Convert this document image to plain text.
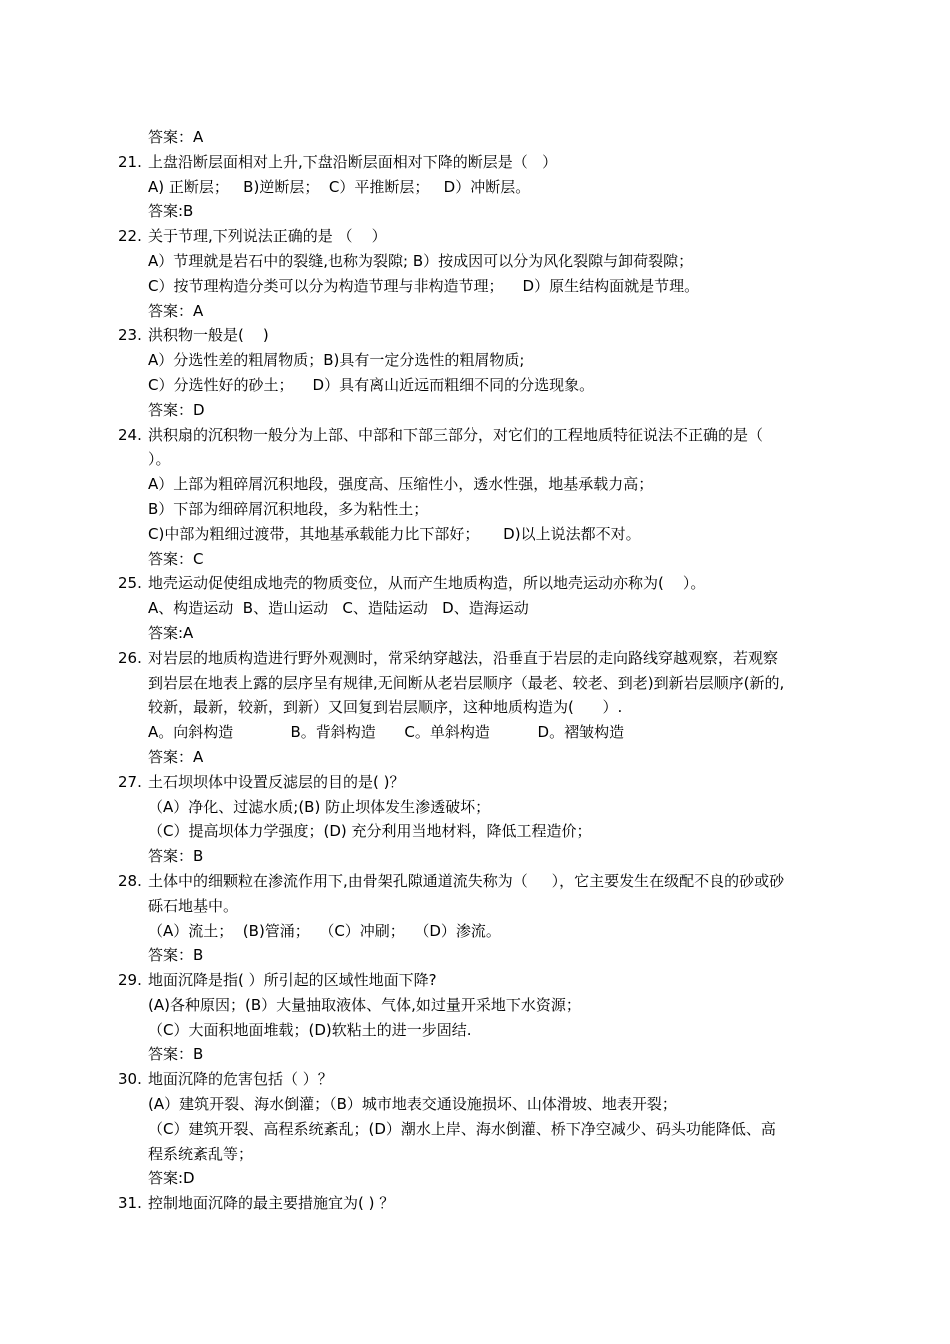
答案：A
21. 上盘沿断层面相对上升,下盘沿断层面相对下降的断层是（   ）
A) 正断层；   B)逆断层；  C）平推断层；   D）冲断层。
答案:B
22. 关于节理,下列说法正确的是 （    ）
A）节理就是岩石中的裂缝,也称为裂隙; B）按成因可以分为风化裂隙与卸荷裂隙；
C）按节理构造分类可以分为构造节理与非构造节理；    D）原生结构面就是节理。
答案：A
23. 洪积物一般是(    )
A）分选性差的粗屑物质；B)具有一定分选性的粗屑物质;
C）分选性好的砂土；    D）具有离山近远而粗细不同的分选现象。
答案：D
24. 洪积扇的沉积物一般分为上部、中部和下部三部分，对它们的工程地质特征说法不正确的是（
）。
A）上部为粗碎屑沉积地段，强度高、压缩性小，透水性强，地基承载力高；
B）下部为细碎屑沉积地段，多为粘性土；
C)中部为粗细过渡带，其地基承载能力比下部好；     D)以上说法都不对。
答案：C
25. 地壳运动促使组成地壳的物质变位，从而产生地质构造，所以地壳运动亦称为(    ）。
A、构造运动  B、造山运动   C、造陆运动   D、造海运动
答案:A
26. 对岩层的地质构造进行野外观测时，常采纳穿越法，沿垂直于岩层的走向路线穿越观察，若观察
到岩层在地表上露的层序呈有规律,无间断从老岩层顺序（最老、较老、到老)到新岩层顺序(新的,
较新，最新，较新，到新）又回复到岩层顺序，这种地质构造为(      ）.
A。向斜构造            B。背斜构造      C。单斜构造          D。褶皱构造
答案：A
27. 土石坝坝体中设置反滤层的目的是( )？
（A）净化、过滤水质;(B) 防止坝体发生渗透破坏；
（C）提高坝体力学强度；(D) 充分利用当地材料，降低工程造价；
答案：B
28. 土体中的细颗粒在渗流作用下,由骨架孔隙通道流失称为（     ），它主要发生在级配不良的砂或砂
砾石地基中。
（A）流土；  (B)管涌；  （C）冲刷；  （D）渗流。
答案：B
29. 地面沉降是指( ）所引起的区域性地面下降?
(A)各种原因；(B）大量抽取液体、气体,如过量开采地下水资源；
（C）大面积地面堆载；(D)软粘土的进一步固结.
答案：B
30. 地面沉降的危害包括（ ）？
(A）建筑开裂、海水倒灌；（B）城市地表交通设施损坏、山体滑坡、地表开裂；
（C）建筑开裂、高程系统紊乱；(D）潮水上岸、海水倒灌、桥下净空减少、码头功能降低、高
程系统紊乱等；
答案:D
31. 控制地面沉降的最主要措施宜为( ) ？
